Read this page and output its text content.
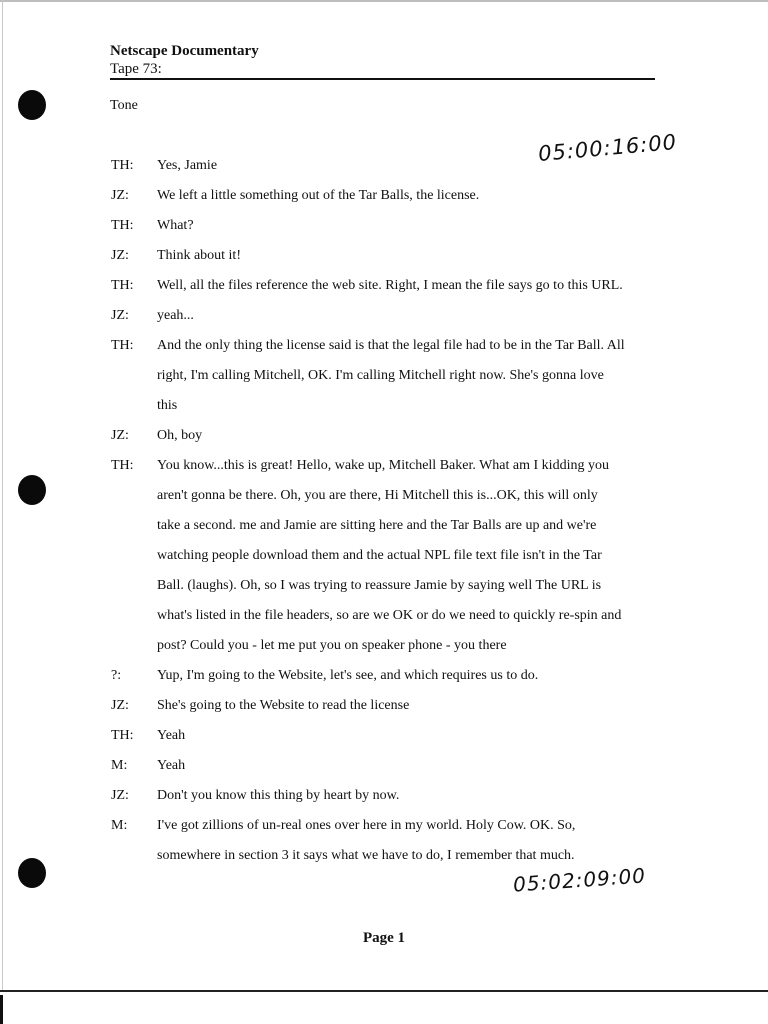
Netscape Documentary
Tape 73:
Tone
05:00:16:00
TH: Yes, Jamie
JZ: We left a little something out of the Tar Balls, the license.
TH: What?
JZ: Think about it!
TH: Well, all the files reference the web site. Right, I mean the file says go to this URL.
JZ: yeah...
TH: And the only thing the license said is that the legal file had to be in the Tar Ball. All
right, I'm calling Mitchell, OK. I'm calling Mitchell right now. She's gonna love
this
JZ: Oh, boy
TH: You know...this is great! Hello, wake up, Mitchell Baker. What am I kidding you
aren't gonna be there. Oh, you are there, Hi Mitchell this is...OK, this will only
take a second. me and Jamie are sitting here and the Tar Balls are up and we're
watching people download them and the actual NPL file text file isn't in the Tar
Ball. (laughs). Oh, so I was trying to reassure Jamie by saying well The URL is
what's listed in the file headers, so are we OK or do we need to quickly re-spin and
post? Could you - let me put you on speaker phone - you there
?:	Yup, I'm going to the Website, let's see, and which requires us to do.
JZ: She's going to the Website to read the license
TH: Yeah
M: Yeah
JZ: Don't you know this thing by heart by now.
M: I've got zillions of un-real ones over here in my world. Holy Cow. OK. So,
somewhere in section 3 it says what we have to do, I remember that much.
05:02:09:00
Page 1
